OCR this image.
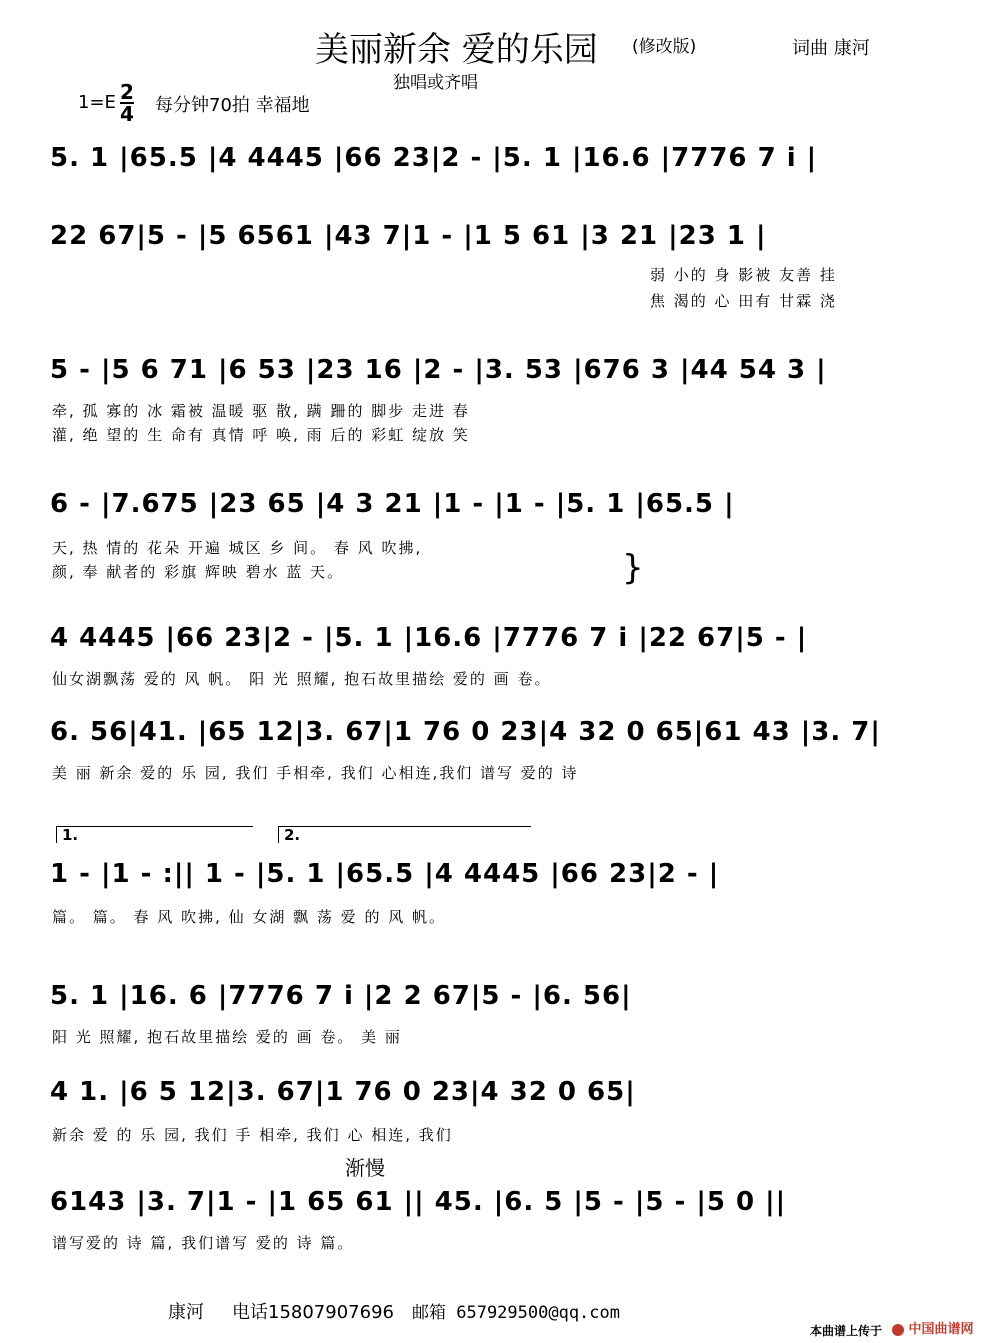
美丽新余 爱的乐园 (修改版)	词曲 康河
独唱或齐唱
1=E 2
4 每分钟70拍 幸福地
5. 1 |65.5 |4 4445 |66 23|2 - |5. 1 |16.6 |7776 7 i |
22 67|5 - |5 6561 |43 7|1 - |1 5 61 |3 21 |23 1 |
弱 小的 身 影被 友善 挂
焦 渴的 心 田有 甘霖 浇
5 - |5 6 71 |6 53 |23 16 |2 - |3. 53 |676 3 |44 54 3 |
牵, 孤 寡的 冰 霜被 温暖 驱 散, 蹒 跚的 脚步 走进 春
灌, 绝 望的 生 命有 真情 呼 唤, 雨 后的 彩虹 绽放 笑
6 - |7.675 |23 65 |4 3 21 |1 - |1 - |5. 1 |65.5 |
天, 热 情的 花朵 开遍 城区 乡 间。 春 风 吹拂,
颜, 奉 献者的 彩旗 辉映 碧水 蓝 天。	}
4 4445 |66 23|2 - |5. 1 |16.6 |7776 7 i |22 67|5 - |
仙女湖飘荡 爱的 风 帆。 阳 光 照耀, 抱石故里描绘 爱的 画 卷。
6. 56|41. |65 12|3. 67|1 76 0 23|4 32 0 65|61 43 |3. 7|
美 丽 新余 爱的 乐 园, 我们 手相牵, 我们 心相连,我们 谱写 爱的 诗
1.	2.
1 - |1 - :|| 1 - |5. 1 |65.5 |4 4445 |66 23|2 - |
篇。 篇。 春 风 吹拂, 仙 女湖 飘 荡 爱 的 风 帆。
5. 1 |16. 6 |7776 7 i |2 2 67|5 - |6. 56|
阳 光 照耀, 抱石故里描绘 爱的 画 卷。 美 丽
4 1. |6 5 12|3. 67|1 76 0 23|4 32 0 65|
新余 爱 的 乐 园, 我们 手 相牵, 我们 心 相连, 我们
渐慢
6143 |3. 7|1 - |1 65 61 || 45. |6. 5 |5 - |5 - |5 0 ||
谱写爱的 诗 篇, 我们谱写 爱的 诗 篇。
康河 电话15807907696 邮箱 657929500@qq.com
本曲谱上传于	中国曲谱网
